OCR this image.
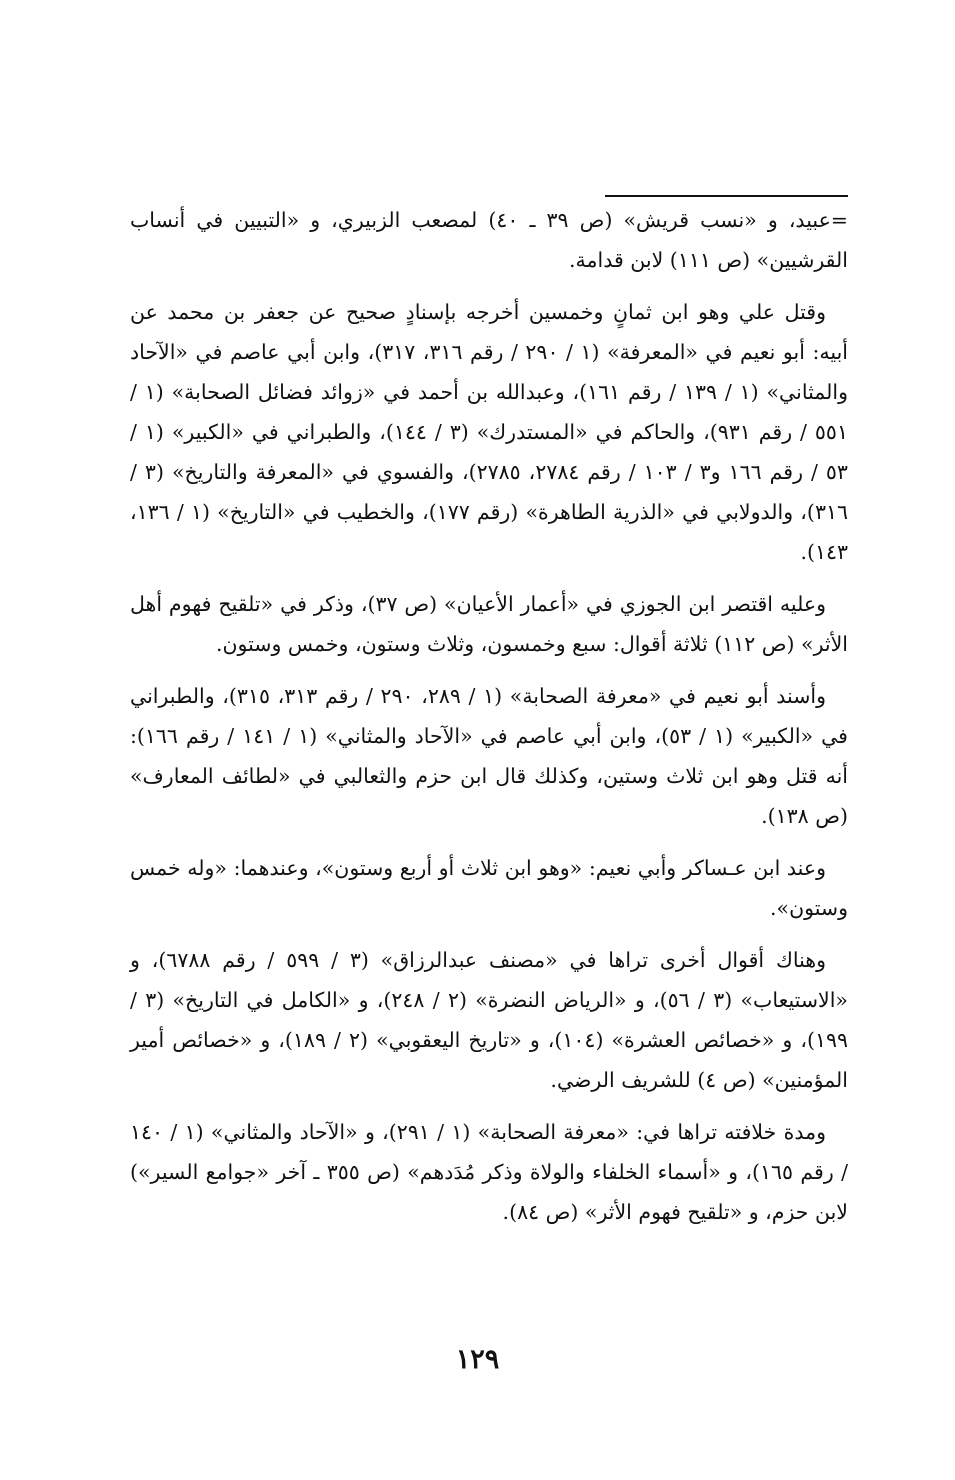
=عبيد، و «نسب قريش» (ص ٣٩ ـ ٤٠) لمصعب الزبيري، و «التبيين في أنساب القرشيين» (ص ١١١) لابن قدامة.

وقتل علي وهو ابن ثمانٍ وخمسين أخرجه بإسنادٍ صحيح عن جعفر بن محمد عن أبيه: أبو نعيم في «المعرفة» (١ / ٢٩٠ / رقم ٣١٦، ٣١٧)، وابن أبي عاصم في «الآحاد والمثاني» (١ / ١٣٩ / رقم ١٦١)، وعبدالله بن أحمد في «زوائد فضائل الصحابة» (١ / ٥٥١ / رقم ٩٣١)، والحاكم في «المستدرك» (٣ / ١٤٤)، والطبراني في «الكبير» (١ / ٥٣ / رقم ١٦٦ و٣ / ١٠٣ / رقم ٢٧٨٤، ٢٧٨٥)، والفسوي في «المعرفة والتاريخ» (٣ / ٣١٦)، والدولابي في «الذرية الطاهرة» (رقم ١٧٧)، والخطيب في «التاريخ» (١ / ١٣٦، ١٤٣).

وعليه اقتصر ابن الجوزي في «أعمار الأعيان» (ص ٣٧)، وذكر في «تلقيح فهوم أهل الأثر» (ص ١١٢) ثلاثة أقوال: سبع وخمسون، وثلاث وستون، وخمس وستون.

وأسند أبو نعيم في «معرفة الصحابة» (١ / ٢٨٩، ٢٩٠ / رقم ٣١٣، ٣١٥)، والطبراني في «الكبير» (١ / ٥٣)، وابن أبي عاصم في «الآحاد والمثاني» (١ / ١٤١ / رقم ١٦٦): أنه قتل وهو ابن ثلاث وستين، وكذلك قال ابن حزم والثعالبي في «لطائف المعارف» (ص ١٣٨).

وعند ابن عـساكر وأبي نعيم: «وهو ابن ثلاث أو أربع وستون»، وعندهما: «وله خمس وستون».

وهناك أقوال أخرى تراها في «مصنف عبدالرزاق» (٣ / ٥٩٩ / رقم ٦٧٨٨)، و «الاستيعاب» (٣ / ٥٦)، و «الرياض النضرة» (٢ / ٢٤٨)، و «الكامل في التاريخ» (٣ / ١٩٩)، و «خصائص العشرة» (١٠٤)، و «تاريخ اليعقوبي» (٢ / ١٨٩)، و «خصائص أمير المؤمنين» (ص ٤) للشريف الرضي.

ومدة خلافته تراها في: «معرفة الصحابة» (١ / ٢٩١)، و «الآحاد والمثاني» (١ / ١٤٠ / رقم ١٦٥)، و «أسماء الخلفاء والولاة وذكر مُدَدهم» (ص ٣٥٥ ـ آخر «جوامع السير») لابن حزم، و «تلقيح فهوم الأثر» (ص ٨٤).

١٢٩
